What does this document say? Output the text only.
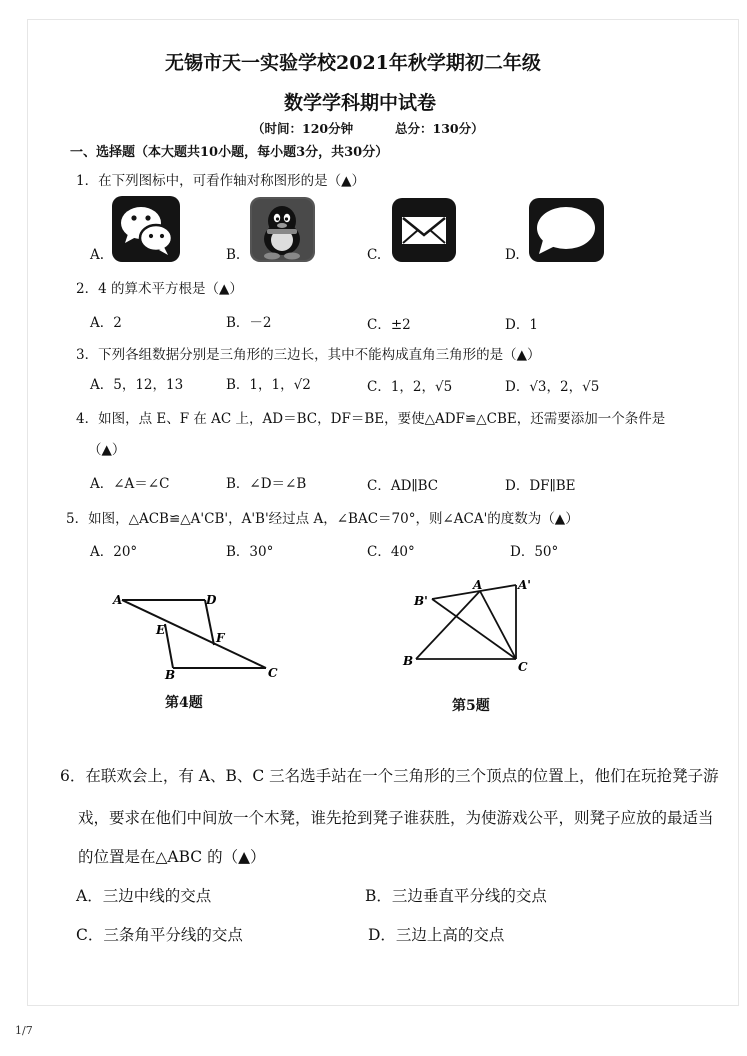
无锡市天一实验学校2021年秋学期初二年级
数学学科期中试卷
（时间：120分钟	总分：130分）
一、选择题（本大题共10小题，每小题3分，共30分）
1．在下列图标中，可看作轴对称图形的是（▲）
A.	B.	C.	D.
2．4 的算术平方根是（▲）
A．2	B．－2	C．±2	D．1
3．下列各组数据分别是三角形的三边长，其中不能构成直角三角形的是（▲）
A．5，12，13	B．1，1，√2	C．1，2，√5	D．√3，2，√5
4．如图，点 E、F 在 AC 上，AD＝BC，DF＝BE，要使△ADF≌△CBE，还需要添加一个条件是
（▲）
A．∠A＝∠C	B．∠D＝∠B	C．AD∥BC	D．DF∥BE
5．如图，△ACB≌△A'CB'，A'B'经过点 A，∠BAC＝70°，则∠ACA'的度数为（▲）
A．20°	B．30°	C．40°	D．50°
A	D
E
F
B	C
第4题
B'
A	A'
B	C
第5题
6．在联欢会上，有 A、B、C 三名选手站在一个三角形的三个顶点的位置上，他们在玩抢凳子游
戏，要求在他们中间放一个木凳，谁先抢到凳子谁获胜，为使游戏公平，则凳子应放的最适当
的位置是在△ABC 的（▲）
A．三边中线的交点	B．三边垂直平分线的交点
C．三条角平分线的交点	D．三边上高的交点
1/7
